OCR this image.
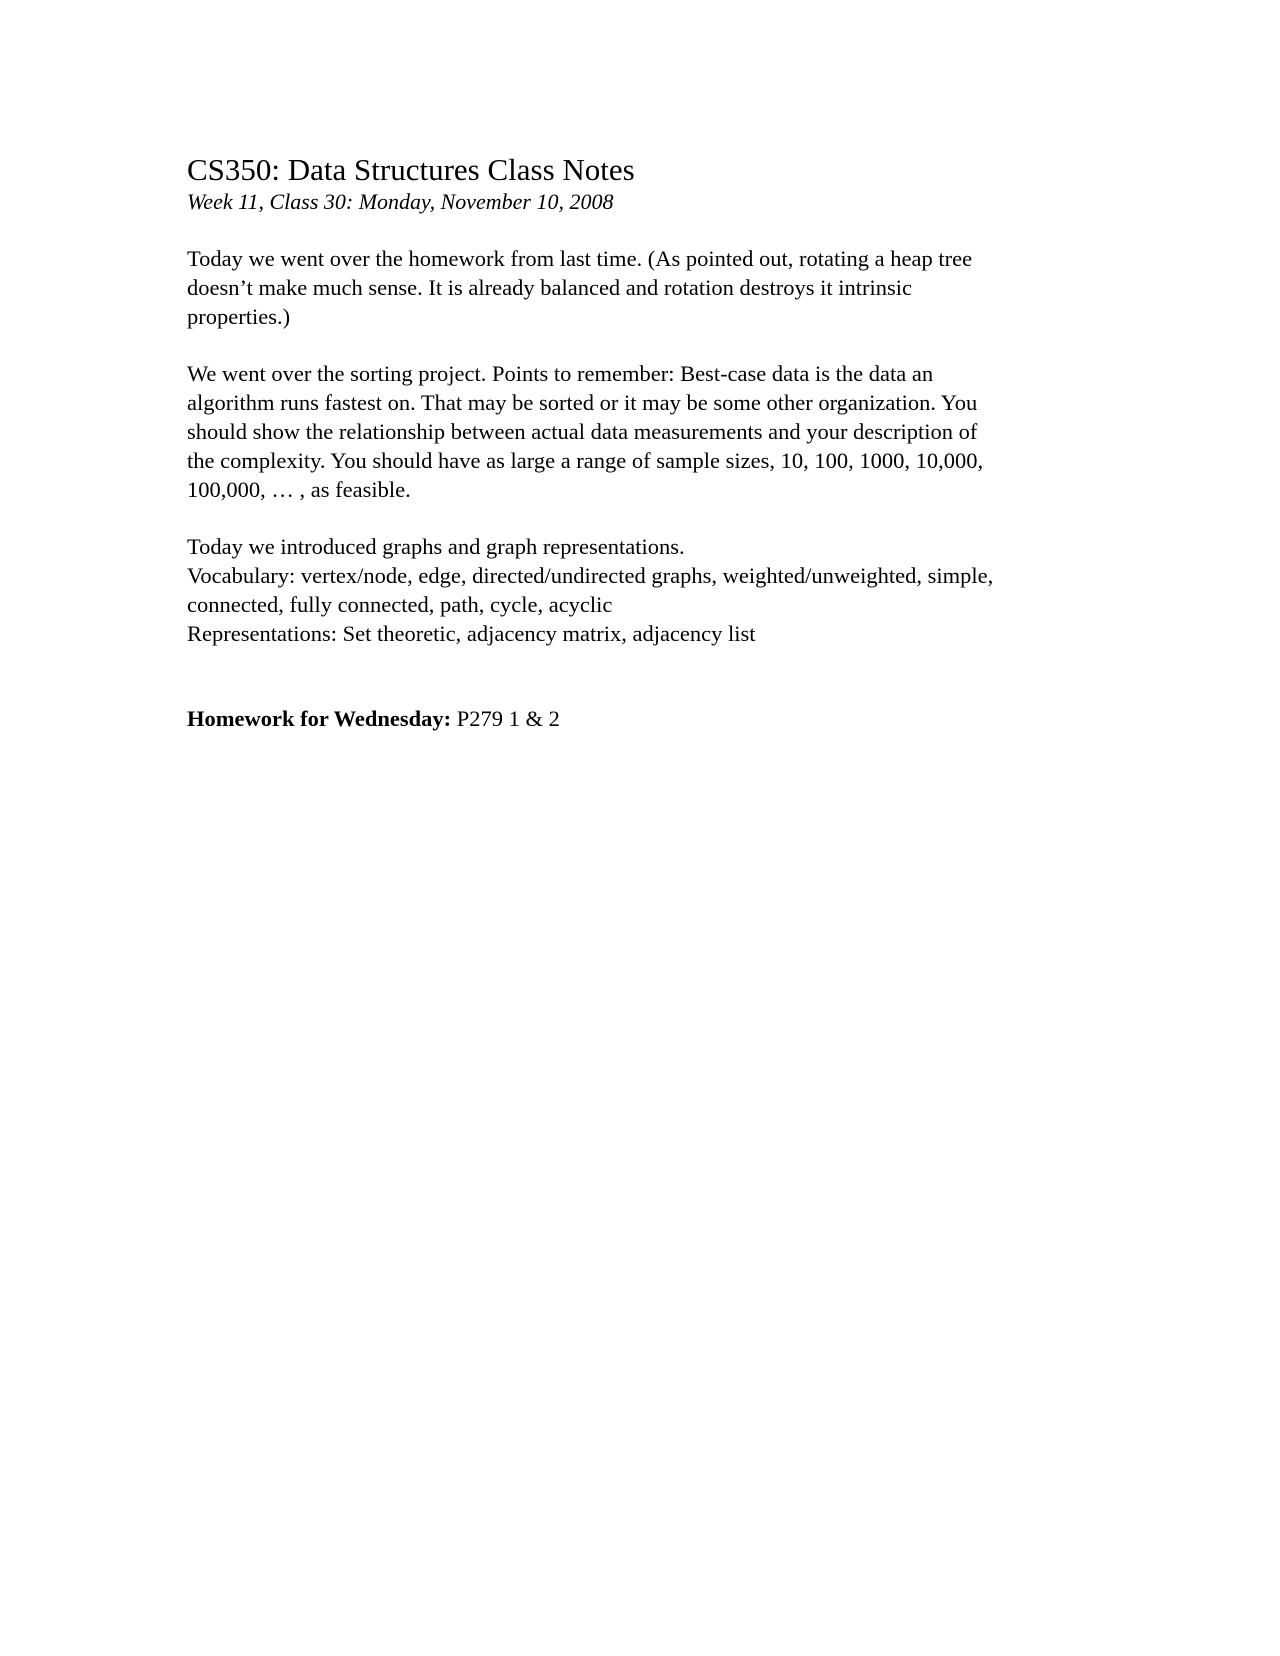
CS350: Data Structures Class Notes
Week 11, Class 30: Monday, November 10, 2008

Today we went over the homework from last time. (As pointed out, rotating a heap tree
doesn’t make much sense. It is already balanced and rotation destroys it intrinsic
properties.)

We went over the sorting project. Points to remember: Best-case data is the data an
algorithm runs fastest on. That may be sorted or it may be some other organization. You
should show the relationship between actual data measurements and your description of
the complexity. You should have as large a range of sample sizes, 10, 100, 1000, 10,000,
100,000, … , as feasible.

Today we introduced graphs and graph representations.
Vocabulary: vertex/node, edge, directed/undirected graphs, weighted/unweighted, simple,
connected, fully connected, path, cycle, acyclic
Representations: Set theoretic, adjacency matrix, adjacency list

Homework for Wednesday: P279 1 & 2
